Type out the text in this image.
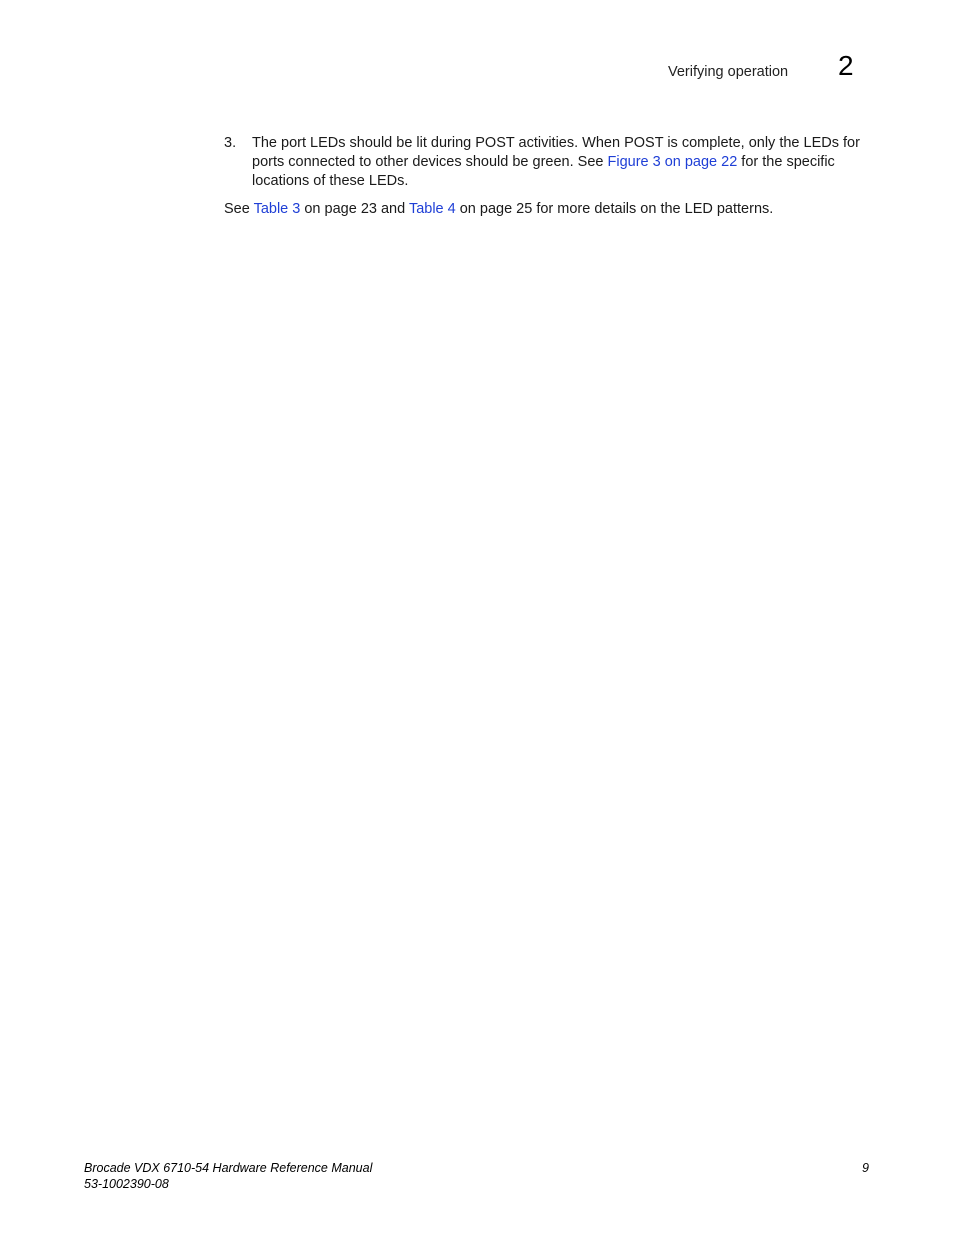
Verifying operation 2
3. The port LEDs should be lit during POST activities. When POST is complete, only the LEDs for ports connected to other devices should be green. See Figure 3 on page 22 for the specific locations of these LEDs.
See Table 3 on page 23 and Table 4 on page 25 for more details on the LED patterns.
Brocade VDX 6710-54 Hardware Reference Manual
53-1002390-08
9
